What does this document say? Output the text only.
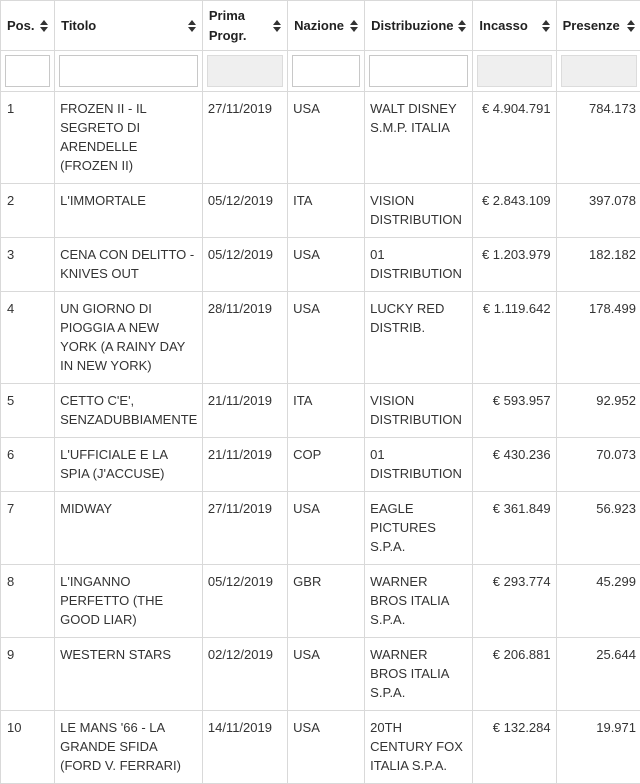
Pos.	Titolo	Prima Progr.	Nazione	Distribuzione	Incasso	Presenze

1	FROZEN II - IL SEGRETO DI ARENDELLE (FROZEN II)	27/11/2019	USA	WALT DISNEY S.M.P. ITALIA	€ 4.904.791	784.173
2	L'IMMORTALE	05/12/2019	ITA	VISION DISTRIBUTION	€ 2.843.109	397.078
3	CENA CON DELITTO - KNIVES OUT	05/12/2019	USA	01 DISTRIBUTION	€ 1.203.979	182.182
4	UN GIORNO DI PIOGGIA A NEW YORK (A RAINY DAY IN NEW YORK)	28/11/2019	USA	LUCKY RED DISTRIB.	€ 1.119.642	178.499
5	CETTO C'E', SENZADUBBIAMENTE	21/11/2019	ITA	VISION DISTRIBUTION	€ 593.957	92.952
6	L'UFFICIALE E LA SPIA (J'ACCUSE)	21/11/2019	COP	01 DISTRIBUTION	€ 430.236	70.073
7	MIDWAY	27/11/2019	USA	EAGLE PICTURES S.P.A.	€ 361.849	56.923
8	L'INGANNO PERFETTO (THE GOOD LIAR)	05/12/2019	GBR	WARNER BROS ITALIA S.P.A.	€ 293.774	45.299
9	WESTERN STARS	02/12/2019	USA	WARNER BROS ITALIA S.P.A.	€ 206.881	25.644
10	LE MANS '66 - LA GRANDE SFIDA (FORD V. FERRARI)	14/11/2019	USA	20TH CENTURY FOX ITALIA S.P.A.	€ 132.284	19.971
